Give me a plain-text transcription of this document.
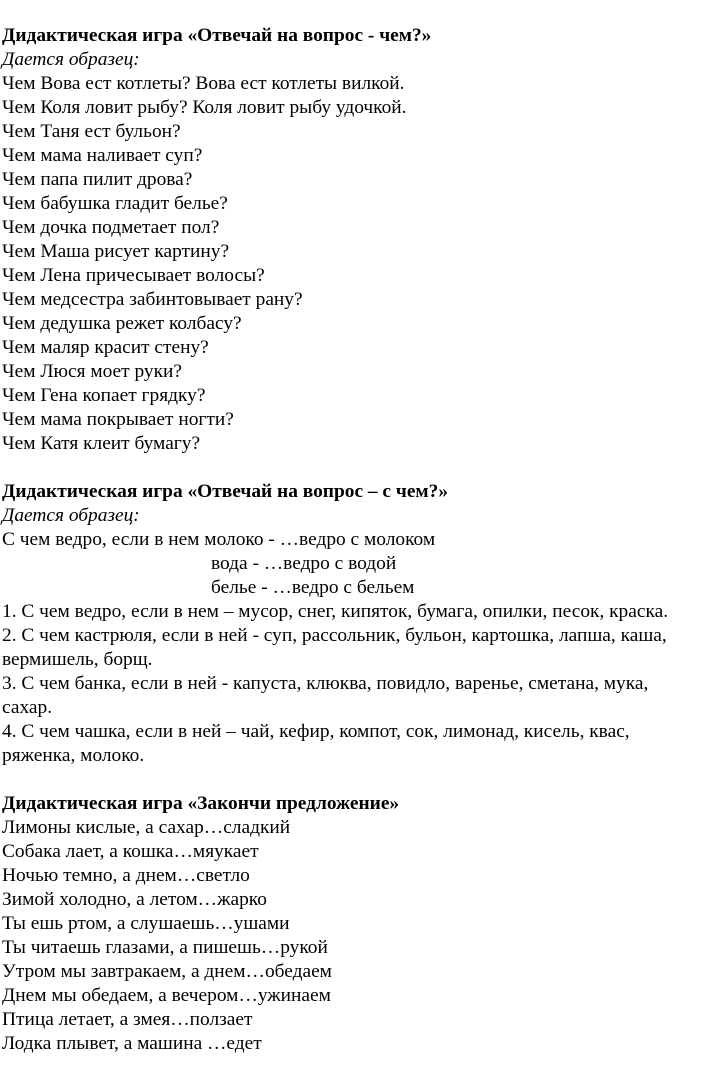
Дидактическая игра «Отвечай на вопрос - чем?»
Дается образец:
Чем Вова ест котлеты? Вова ест котлеты вилкой.
Чем Коля ловит рыбу? Коля ловит рыбу удочкой.
Чем Таня ест бульон?
Чем мама наливает суп?
Чем папа пилит дрова?
Чем бабушка гладит белье?
Чем дочка подметает пол?
Чем Маша рисует картину?
Чем Лена причесывает волосы?
Чем медсестра забинтовывает рану?
Чем дедушка режет колбасу?
Чем маляр красит стену?
Чем Люся моет руки?
Чем Гена копает грядку?
Чем мама покрывает ногти?
Чем Катя клеит бумагу?
Дидактическая игра «Отвечай на вопрос – с чем?»
Дается образец:
С чем ведро, если в нем молоко - …ведро с молоком
вода - …ведро с водой
белье - …ведро с бельем
1. С чем ведро, если в нем – мусор, снег, кипяток, бумага, опилки, песок, краска.
2. С чем кастрюля, если в ней - суп, рассольник, бульон, картошка, лапша, каша, вермишель, борщ.
3. С чем банка, если в ней - капуста, клюква, повидло, варенье, сметана, мука, сахар.
4. С чем чашка, если в ней – чай, кефир, компот, сок, лимонад, кисель, квас, ряженка, молоко.
Дидактическая игра «Закончи предложение»
Лимоны кислые, а сахар…сладкий
Собака лает, а кошка…мяукает
Ночью темно, а днем…светло
Зимой холодно, а летом…жарко
Ты ешь ртом, а слушаешь…ушами
Ты читаешь глазами, а пишешь…рукой
Утром мы завтракаем, а днем…обедаем
Днем мы обедаем, а вечером…ужинаем
Птица летает, а змея…ползает
Лодка плывет, а машина …едет
